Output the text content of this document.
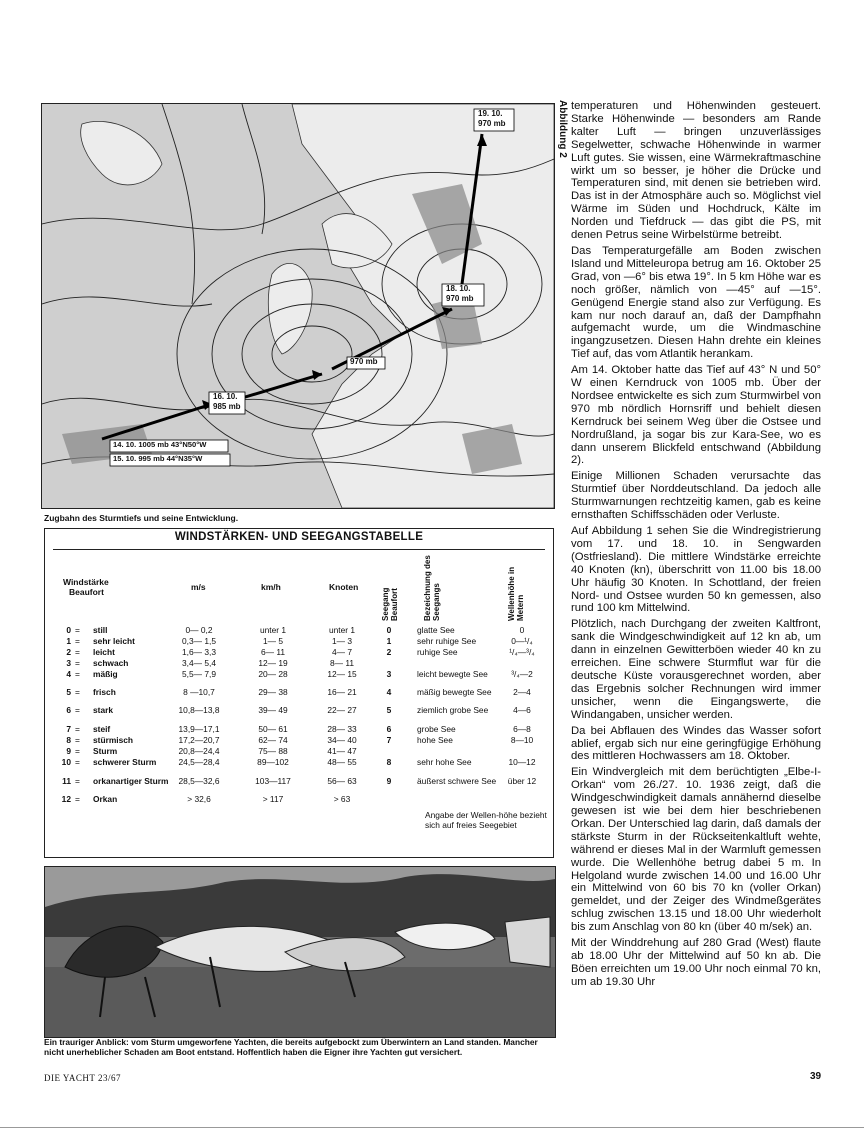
19. 10.
970 mb
18. 10.
970 mb
970 mb
16. 10.
985 mb
14. 10. 1005 mb 43°N50°W
15. 10. 995 mb 44°N35°W
Abbildung 2
Zugbahn des Sturmtiefs und seine Entwicklung.
WINDSTÄRKEN- UND SEEGANGSTABELLE
Windstärke
Beaufort	m/s	km/h	Knoten
Seegang Beaufort	Bezeichnung des Seegangs	Wellenhöhe in Metern
0 = still	0— 0,2	unter 1	unter 1	0	glatte See	0
1 = sehr leicht	0,3— 1,5	1— 5	1— 3	1	sehr ruhige See	0—¹/₄
2 = leicht	1,6— 3,3	6— 11	4— 7	2	ruhige See	¹/₄—³/₄
3 = schwach	3,4— 5,4	12— 19	8— 11
4 = mäßig	5,5— 7,9	20— 28	12— 15	3	leicht bewegte See	³/₄—2
5 = frisch	8 —10,7	29— 38	16— 21	4	mäßig bewegte See	2—4
6 = stark	10,8—13,8	39— 49	22— 27	5	ziemlich grobe See	4—6
7 = steif	13,9—17,1	50— 61	28— 33	6	grobe See	6—8
8 = stürmisch	17,2—20,7	62— 74	34— 40	7	hohe See	8—10
9 = Sturm	20,8—24,4	75— 88	41— 47
10 = schwerer Sturm	24,5—28,4	89—102	48— 55	8	sehr hohe See	10—12
11 = orkanartiger Sturm	28,5—32,6	103—117	56— 63	9	äußerst schwere See	über 12
12 = Orkan	> 32,6	> 117	> 63
Angabe der Wellen-höhe bezieht sich auf freies Seegebiet
Ein trauriger Anblick: vom Sturm umgeworfene Yachten, die bereits aufgebockt zum Überwintern an Land standen. Mancher nicht unerheblicher Schaden am Boot entstand. Hoffentlich haben die Eigner ihre Yachten gut versichert.

temperaturen und Höhenwinden gesteuert. Starke Höhenwinde — besonders am Rande kalter Luft — bringen unzuverlässiges Segelwetter, schwache Höhenwinde in warmer Luft gutes. Sie wissen, eine Wärmekraftmaschine wirkt um so besser, je höher die Drücke und Temperaturen sind, mit denen sie betrieben wird. Das ist in der Atmosphäre auch so. Möglichst viel Wärme im Süden und Hochdruck, Kälte im Norden und Tiefdruck — das gibt die PS, mit denen Petrus seine Wirbelstürme betreibt.

Das Temperaturgefälle am Boden zwischen Island und Mitteleuropa betrug am 16. Oktober 25 Grad, von —6° bis etwa 19°. In 5 km Höhe war es noch größer, nämlich von —45° auf —15°. Genügend Energie stand also zur Verfügung. Es kam nur noch darauf an, daß der Dampfhahn aufgemacht wurde, um die Windmaschine ingangzusetzen. Diesen Hahn drehte ein kleines Tief auf, das vom Atlantik herankam.

Am 14. Oktober hatte das Tief auf 43° N und 50° W einen Kerndruck von 1005 mb. Über der Nordsee entwickelte es sich zum Sturmwirbel von 970 mb nördlich Hornsriff und behielt diesen Kerndruck bei seinem Weg über die Ostsee und Nordrußland, ja sogar bis zur Kara-See, wo es dann unserem Blickfeld entschwand (Abbildung 2).

Einige Millionen Schaden verursachte das Sturmtief über Norddeutschland. Da jedoch alle Sturmwarnungen rechtzeitig kamen, gab es keine ernsthaften Schiffsschäden oder Verluste.

Auf Abbildung 1 sehen Sie die Windregistrierung vom 17. und 18. 10. in Sengwarden (Ostfriesland). Die mittlere Windstärke erreichte 40 Knoten (kn), überschritt von 11.00 bis 18.00 Uhr häufig 30 Knoten. In Schottland, der freien Nord- und Ostsee wurden 50 kn gemessen, also rund 100 km Mittelwind.

Plötzlich, nach Durchgang der zweiten Kaltfront, sank die Windgeschwindigkeit auf 12 kn ab, um dann in einzelnen Gewitterböen wieder 40 kn zu erreichen. Eine schwere Sturmflut war für die deutsche Küste vorausgerechnet worden, aber das Ergebnis solcher Rechnungen wird immer unsicher, wenn die Eingangswerte, die Windangaben, unsicher werden.

Da bei Abflauen des Windes das Wasser sofort ablief, ergab sich nur eine geringfügige Erhöhung des mittleren Hochwassers am 18. Oktober.

Ein Windvergleich mit dem berüchtigten „Elbe-I-Orkan“ vom 26./27. 10. 1936 zeigt, daß die Windgeschwindigkeit damals annähernd dieselbe gewesen ist wie bei dem hier beschriebenen Orkan. Der Unterschied lag darin, daß damals der stärkste Sturm in der Rückseitenkaltluft wehte, während er dieses Mal in der Warmluft gemessen wurde. Die Wellenhöhe betrug dabei 5 m. In Helgoland wurde zwischen 14.00 und 16.00 Uhr ein Mittelwind von 60 bis 70 kn (voller Orkan) gemeldet, und der Zeiger des Windmeßgerätes schlug zwischen 13.15 und 18.00 Uhr wiederholt bis zum Anschlag von 80 kn (über 40 m/sek) an.

Mit der Winddrehung auf 280 Grad (West) flaute ab 18.00 Uhr der Mittelwind auf 50 kn ab. Die Böen erreichten um 19.00 Uhr noch einmal 70 kn, um ab 19.30 Uhr

DIE YACHT 23/67	39
